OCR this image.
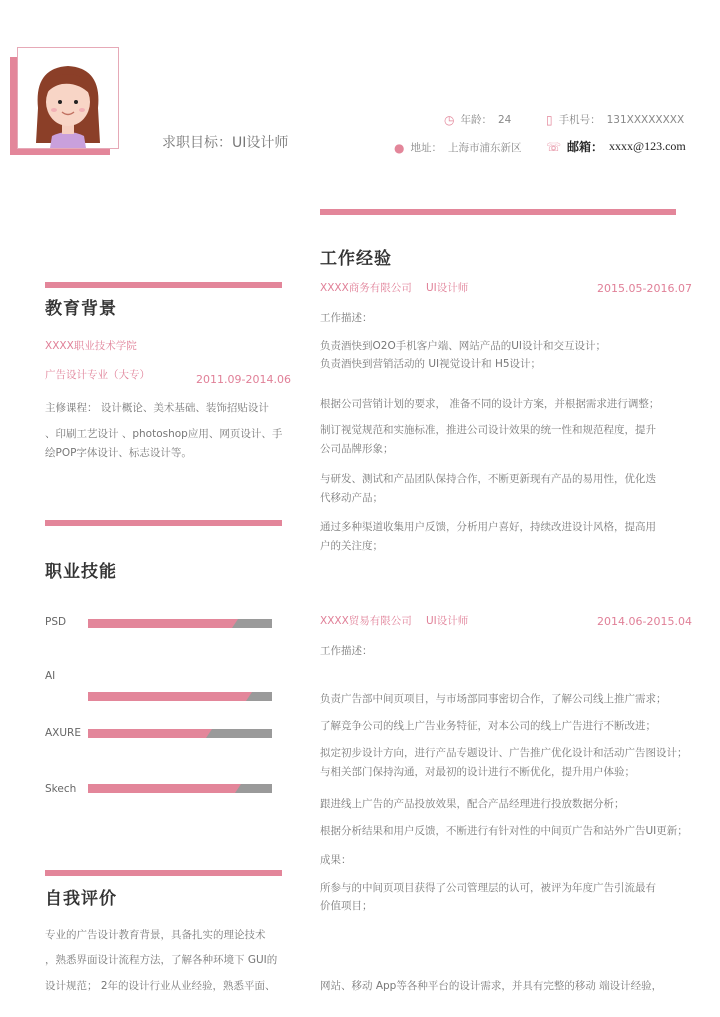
求职目标：UI设计师
◷ 年龄： 24	▯ 手机号： 131XXXXXXXX
● 地址： 上海市浦东新区 ☏ 邮箱： xxxx@123.com
教育背景
XXXX职业技术学院
广告设计专业（大专）	2011.09-2014.06
主修课程： 设计概论、美术基础、装饰招贴设计
、印刷工艺设计 、photoshop应用、网页设计、手
绘POP字体设计、标志设计等。
职业技能
PSD
AI
AXURE
Skech
自我评价
专业的广告设计教育背景，具备扎实的理论技术
，熟悉界面设计流程方法，了解各种环境下 GUI的
设计规范； 2年的设计行业从业经验，熟悉平面、
工作经验
XXXX商务有限公司 UI设计师	2015.05-2016.07
工作描述：
负责酒快到O2O手机客户端、网站产品的UI设计和交互设计；
负责酒快到营销活动的 UI视觉设计和 H5设计；
根据公司营销计划的要求， 准备不同的设计方案，并根据需求进行调整；
制订视觉规范和实施标准，推进公司设计效果的统一性和规范程度，提升
公司品牌形象；
与研发、测试和产品团队保持合作，不断更新现有产品的易用性，优化迭
代移动产品；
通过多种渠道收集用户反馈，分析用户喜好，持续改进设计风格，提高用
户的关注度；
XXXX贸易有限公司 UI设计师	2014.06-2015.04
工作描述：
负责广告部中间页项目，与市场部同事密切合作，了解公司线上推广需求；
了解竞争公司的线上广告业务特征，对本公司的线上广告进行不断改进；
拟定初步设计方向，进行产品专题设计、广告推广优化设计和活动广告图设计；
与相关部门保持沟通，对最初的设计进行不断优化，提升用户体验；
跟进线上广告的产品投放效果，配合产品经理进行投放数据分析；
根据分析结果和用户反馈，不断进行有针对性的中间页广告和站外广告UI更新；
成果：
所参与的中间页项目获得了公司管理层的认可，被评为年度广告引流最有
价值项目；
网站、移动 App等各种平台的设计需求，并具有完整的移动 端设计经验，
